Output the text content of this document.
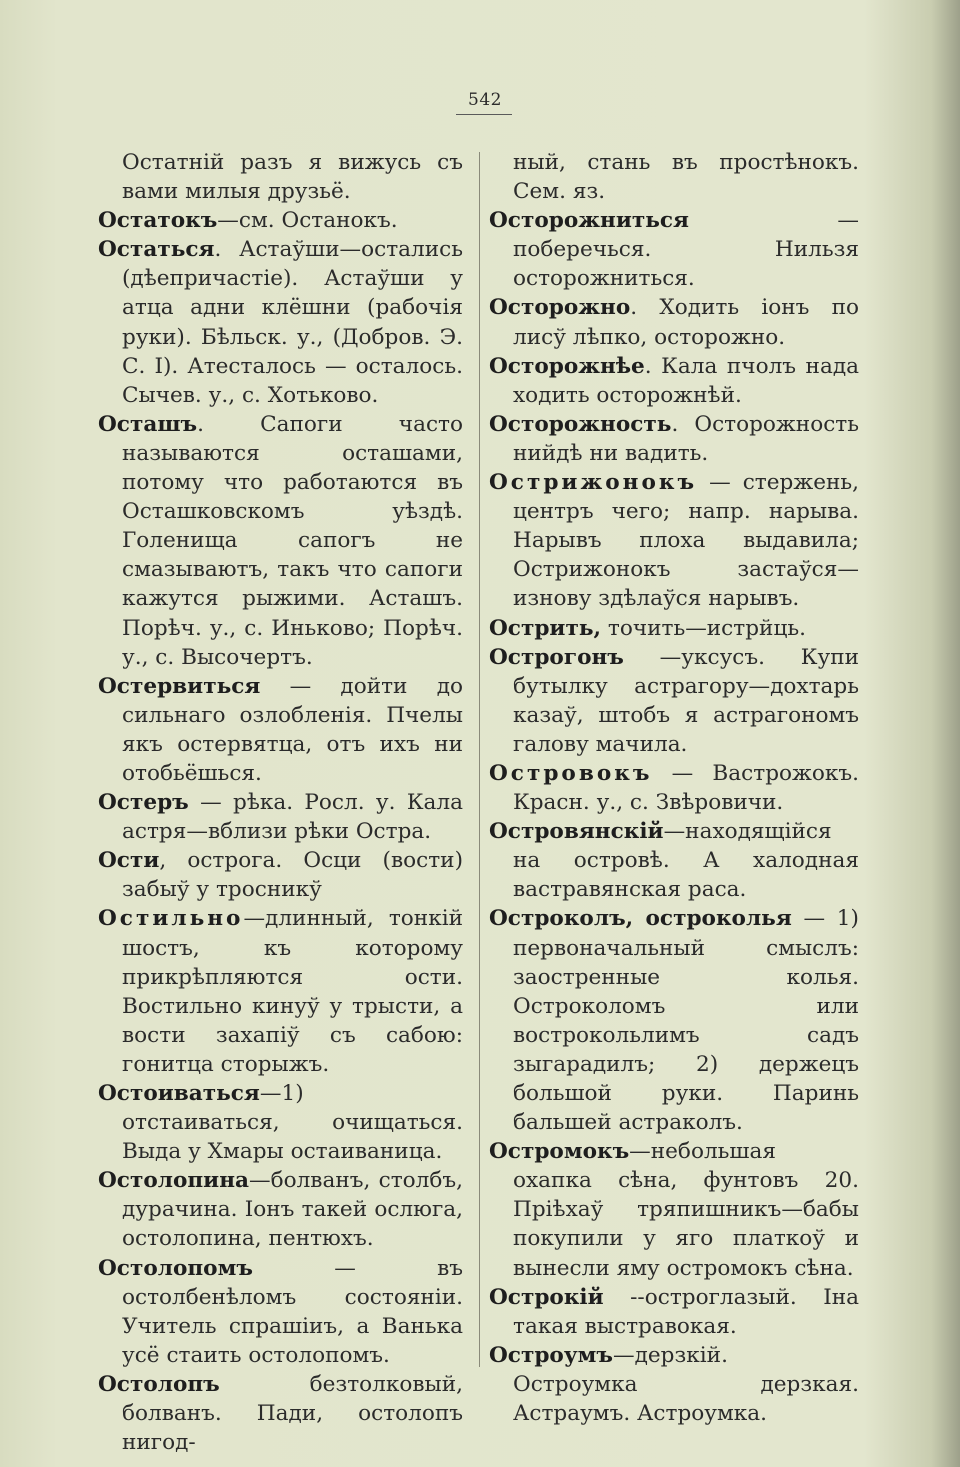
542
Остатній разъ я вижусь съ вами милыя друзьё.
Остатокъ—см. Останокъ.
Остаться. Астаўши—остались (дѣепричастіе). Астаўши у атца адни клёшни (рабочія руки). Бѣльск. у., (Добров. Э. С. I). Атесталось — осталось. Сычев. у., с. Хотьково.
Осташъ. Сапоги часто называются осташами, потому что работаются въ Осташковскомъ уѣздѣ. Голенища сапогъ не смазываютъ, такъ что сапоги кажутся рыжими. Асташъ. Порѣч. у., с. Иньково; Порѣч. у., с. Высочертъ.
Остервиться — дойти до сильнаго озлобленія. Пчелы якъ остервятца, отъ ихъ ни отобьёшься.
Остеръ — рѣка. Росл. у. Кала астря—вблизи рѣки Остра.
Ости, острога. Осци (вости) забыў у тросникў
Остильно—длинный, тонкій шостъ, къ которому прикрѣпляются ости. Востильно кинуў у трысти, а вости захапіў съ сабою: гонитца сторыжъ.
Остоиваться—1) отстаиваться, очищаться. Выда у Хмары остаиваница.
Остолопина—болванъ, столбъ, дурачина. Іонъ такей ослюга, остолопина, пентюхъ.
Остолопомъ — въ остолбенѣломъ состояніи. Учитель спрашіиъ, а Ванька усё стаить остолопомъ.
Остолопъ безтолковый, болванъ. Пади, остолопъ нигод-
ный, стань въ простѣнокъ. Сем. яз.
Осторожниться — поберечься. Нильзя осторожниться.
Осторожно. Ходить іонъ по лисў лѣпко, осторожно.
Осторожнѣе. Кала пчолъ нада ходить осторожнѣй.
Осторожность. Осторожность нийдѣ ни вадить.
Острижонокъ — стержень, центръ чего; напр. нарыва. Нарывъ плоха выдавила; Острижонокъ застаўся— изнову здѣлаўся нарывъ.
Острить, точить—истрйць.
Острогонъ —уксусъ. Купи бутылку астрагору—дохтарь казаў, штобъ я астрагономъ галову мачила.
Островокъ — Вастрожокъ. Красн. у., с. Звѣровичи.
Островянскій—находящійся на островѣ. А халодная вастравянская раса.
Остроколъ, остроколья — 1) первоначальный смыслъ: заостренные колья. Остроколомъ или вострокольлимъ садъ зыгарадилъ; 2) держецъ большой руки. Паринь бальшей астраколъ.
Остромокъ—небольшая охапка сѣна, фунтовъ 20. Пріѣхаў тряпишникъ—бабы покупили у яго платкоў и вынесли яму остромокъ сѣна.
Острокій --остроглазый. Іна такая выстравокая.
Остроумъ—дерзкій. Остроумка дерзкая. Астраумъ. Астроумка.
